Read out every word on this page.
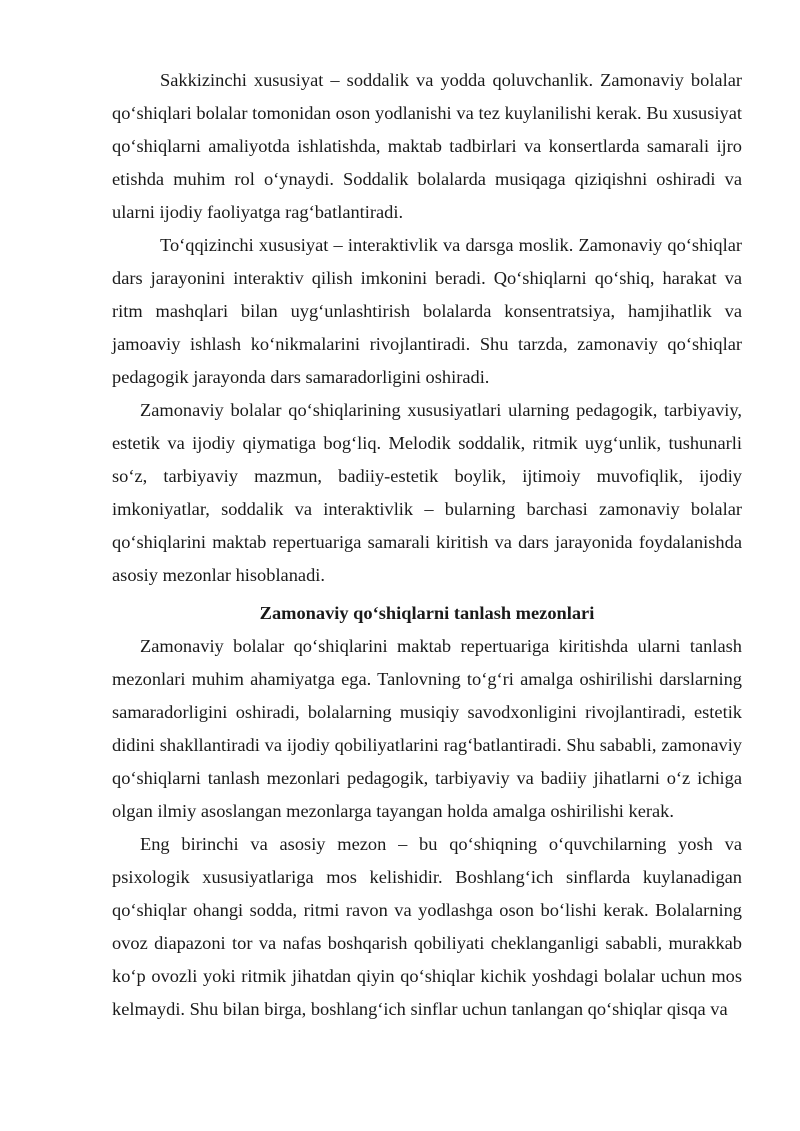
Sakkizinchi xususiyat – soddalik va yodda qoluvchanlik. Zamonaviy bolalar qo‘shiqlari bolalar tomonidan oson yodlanishi va tez kuylanilishi kerak. Bu xususiyat qo‘shiqlarni amaliyotda ishlatishda, maktab tadbirlari va konsertlarda samarali ijro etishda muhim rol o‘ynaydi. Soddalik bolalarda musiqaga qiziqishni oshiradi va ularni ijodiy faoliyatga rag‘batlantiradi.

To‘qqizinchi xususiyat – interaktivlik va darsga moslik. Zamonaviy qo‘shiqlar dars jarayonini interaktiv qilish imkonini beradi. Qo‘shiqlarni qo‘shiq, harakat va ritm mashqlari bilan uyg‘unlashtirish bolalarda konsentratsiya, hamjihatlik va jamoaviy ishlash ko‘nikmalarini rivojlantiradi. Shu tarzda, zamonaviy qo‘shiqlar pedagogik jarayonda dars samaradorligini oshiradi.

Zamonaviy bolalar qo‘shiqlarining xususiyatlari ularning pedagogik, tarbiyaviy, estetik va ijodiy qiymatiga bog‘liq. Melodik soddalik, ritmik uyg‘unlik, tushunarli so‘z, tarbiyaviy mazmun, badiiy-estetik boylik, ijtimoiy muvofiqlik, ijodiy imkoniyatlar, soddalik va interaktivlik – bularning barchasi zamonaviy bolalar qo‘shiqlarini maktab repertuariga samarali kiritish va dars jarayonida foydalanishda asosiy mezonlar hisoblanadi.

Zamonaviy qo‘shiqlarni tanlash mezonlari

Zamonaviy bolalar qo‘shiqlarini maktab repertuariga kiritishda ularni tanlash mezonlari muhim ahamiyatga ega. Tanlovning to‘g‘ri amalga oshirilishi darslarning samaradorligini oshiradi, bolalarning musiqiy savodxonligini rivojlantiradi, estetik didini shakllantiradi va ijodiy qobiliyatlarini rag‘batlantiradi. Shu sababli, zamonaviy qo‘shiqlarni tanlash mezonlari pedagogik, tarbiyaviy va badiiy jihatlarni o‘z ichiga olgan ilmiy asoslangan mezonlarga tayangan holda amalga oshirilishi kerak.

Eng birinchi va asosiy mezon – bu qo‘shiqning o‘quvchilarning yosh va psixologik xususiyatlariga mos kelishidir. Boshlang‘ich sinflarda kuylanadigan qo‘shiqlar ohangi sodda, ritmi ravon va yodlashga oson bo‘lishi kerak. Bolalarning ovoz diapazoni tor va nafas boshqarish qobiliyati cheklanganligi sababli, murakkab ko‘p ovozli yoki ritmik jihatdan qiyin qo‘shiqlar kichik yoshdagi bolalar uchun mos kelmaydi. Shu bilan birga, boshlang‘ich sinflar uchun tanlangan qo‘shiqlar qisqa va
